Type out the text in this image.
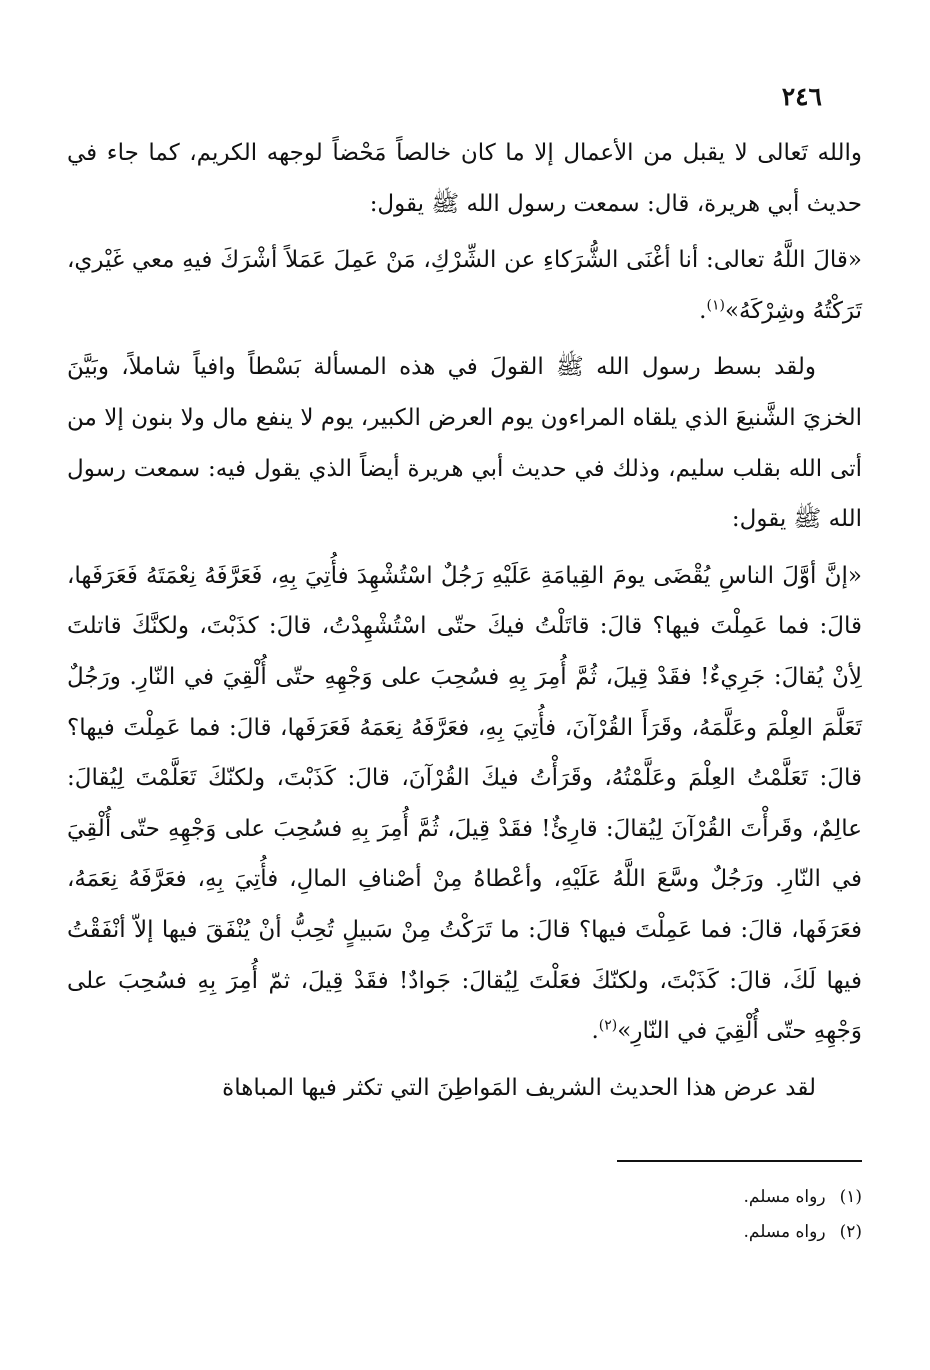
٢٤٦

والله تَعالى لا يقبل من الأعمال إلا ما كان خالصاً مَحْضاً لوجهه الكريم، كما جاء في حديث أبي هريرة، قال: سمعت رسول الله ﷺ يقول:

«قالَ اللَّهُ تعالى: أنا أغْنَى الشُّرَكاءِ عن الشِّرْكِ، مَنْ عَمِلَ عَمَلاً أشْرَكَ فيهِ معي غَيْري، تَرَكْتُهُ وشِرْكَهُ»$^{(١)}$.

ولقد بسط رسول الله ﷺ القولَ في هذه المسألة بَسْطاً وافياً شاملاً، وبَيَّنَ الخزيَ الشَّنيعَ الذي يلقاه المراءون يوم العرض الكبير، يوم لا ينفع مال ولا بنون إلا من أتى الله بقلب سليم، وذلك في حديث أبي هريرة أيضاً الذي يقول فيه: سمعت رسول الله ﷺ يقول:

«إنَّ أوَّلَ الناسِ يُقْضَى يومَ القِيامَةِ عَلَيْهِ رَجُلٌ اسْتُشْهِدَ فأُتِيَ بِهِ، فَعَرَّفَهُ نِعْمَتَهُ فَعَرَفَها، قالَ: فما عَمِلْتَ فيها؟ قالَ: قاتَلْتُ فيكَ حتّى اسْتُشْهِدْتُ، قالَ: كذَبْتَ، ولكنَّكَ قاتلتَ لِأنْ يُقالَ: جَرِيءٌ! فقَدْ قِيلَ، ثُمَّ أُمِرَ بِهِ فسُحِبَ على وَجْهِهِ حتّى أُلْقِيَ في النّارِ. ورَجُلٌ تَعَلَّمَ العِلْمَ وعَلَّمَهُ، وقَرَأَ القُرْآنَ، فأُتِيَ بِهِ، فعَرَّفَهُ نِعَمَهُ فَعَرَفَها، قالَ: فما عَمِلْتَ فيها؟ قالَ: تَعَلَّمْتُ العِلْمَ وعَلَّمْتُهُ، وقَرَأْتُ فيكَ القُرْآنَ، قالَ: كَذَبْتَ، ولكنّكَ تَعَلَّمْتَ لِيُقالَ: عالِمٌ، وقَرأْتَ القُرْآنَ لِيُقالَ: قارِئٌ! فقَدْ قِيلَ، ثُمَّ أُمِرَ بِهِ فسُحِبَ على وَجْهِهِ حتّى أُلْقِيَ في النّارِ. ورَجُلٌ وسَّعَ اللَّهُ عَلَيْهِ، وأعْطاهُ مِنْ أصْنافِ المالِ، فأُتِيَ بِهِ، فعَرَّفَهُ نِعَمَهُ، فعَرَفَها، قالَ: فما عَمِلْتَ فيها؟ قالَ: ما تَرَكْتُ مِنْ سَبيلٍ تُحِبُّ أنْ يُنْفَقَ فيها إلاّ أنْفَقْتُ فيها لَكَ، قالَ: كَذَبْتَ، ولكنّكَ فعَلْتَ لِيُقالَ: جَوادٌ! فقَدْ قِيلَ، ثمّ أُمِرَ بِهِ فسُحِبَ على وَجْهِهِ حتّى أُلْقِيَ في النّارِ»$^{(٢)}$.

لقد عرض هذا الحديث الشريف المَواطِنَ التي تكثر فيها المباهاة

(١)رواه مسلم.

(٢)رواه مسلم.
